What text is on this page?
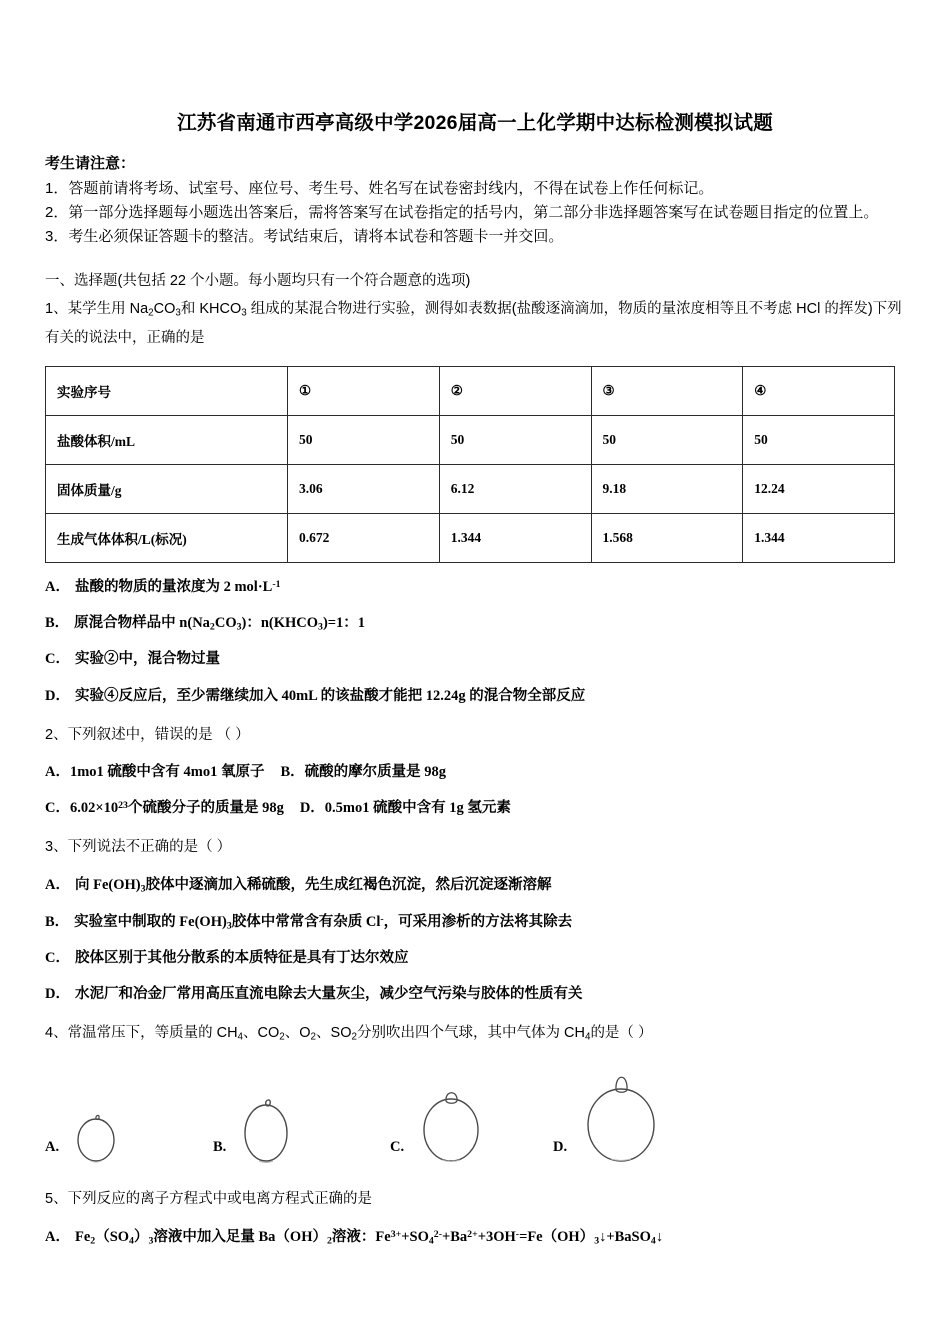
江苏省南通市西亭高级中学2026届高一上化学期中达标检测模拟试题
考生请注意：
1．答题前请将考场、试室号、座位号、考生号、姓名写在试卷密封线内，不得在试卷上作任何标记。
2．第一部分选择题每小题选出答案后，需将答案写在试卷指定的括号内，第二部分非选择题答案写在试卷题目指定的位置上。
3．考生必须保证答题卡的整洁。考试结束后，请将本试卷和答题卡一并交回。
一、选择题(共包括 22 个小题。每小题均只有一个符合题意的选项)
1、某学生用 $Na_2CO_3$和 $KHCO_3$ 组成的某混合物进行实验，测得如表数据(盐酸逐滴滴加，物质的量浓度相等且不考虑 HCl 的挥发)下列有关的说法中，正确的是
实验序号	①	②	③	④
盐酸体积/mL	50	50	50	50
固体质量/g	3.06	6.12	9.18	12.24
生成气体体积/L(标况)	0.672	1.344	1.568	1.344
A． 盐酸的物质的量浓度为 2 $mol\cdot L^{-1}$
B． 原混合物样品中 $n(Na_2CO_3)$：$n(KHCO_3)=1$：1
C． 实验②中，混合物过量
D． 实验④反应后，至少需继续加入 40mL 的该盐酸才能把 12.24g 的混合物全部反应
2、下列叙述中，错误的是 （ ）
A．1mo1 硫酸中含有 4mo1 氧原子 B．硫酸的摩尔质量是 98g
C．$6.02\times 10^{23}$个硫酸分子的质量是 98g D．0.5mo1 硫酸中含有 1g 氢元素
3、下列说法不正确的是（ ）
A． 向 $Fe(OH)_3$胶体中逐滴加入稀硫酸，先生成红褐色沉淀，然后沉淀逐渐溶解
B． 实验室中制取的 $Fe(OH)_3$胶体中常常含有杂质 Cl-，可采用渗析的方法将其除去
C． 胶体区别于其他分散系的本质特征是具有丁达尔效应
D． 水泥厂和冶金厂常用高压直流电除去大量灰尘，减少空气污染与胶体的性质有关
4、常温常压下，等质量的 $CH_4$、$CO_2$、$O_2$、$SO_2$分别吹出四个气球，其中气体为 $CH_4$的是（ ）
A.	B.	C.	D.
5、下列反应的离子方程式中或电离方程式正确的是
A． $Fe_2(SO_4)_3$溶液中加入足量 $Ba(OH)_2$溶液：$Fe^{3+}+SO_4^{2-}+Ba^{2+}+3OH^-=Fe(OH)_3↓+BaSO_4↓$
